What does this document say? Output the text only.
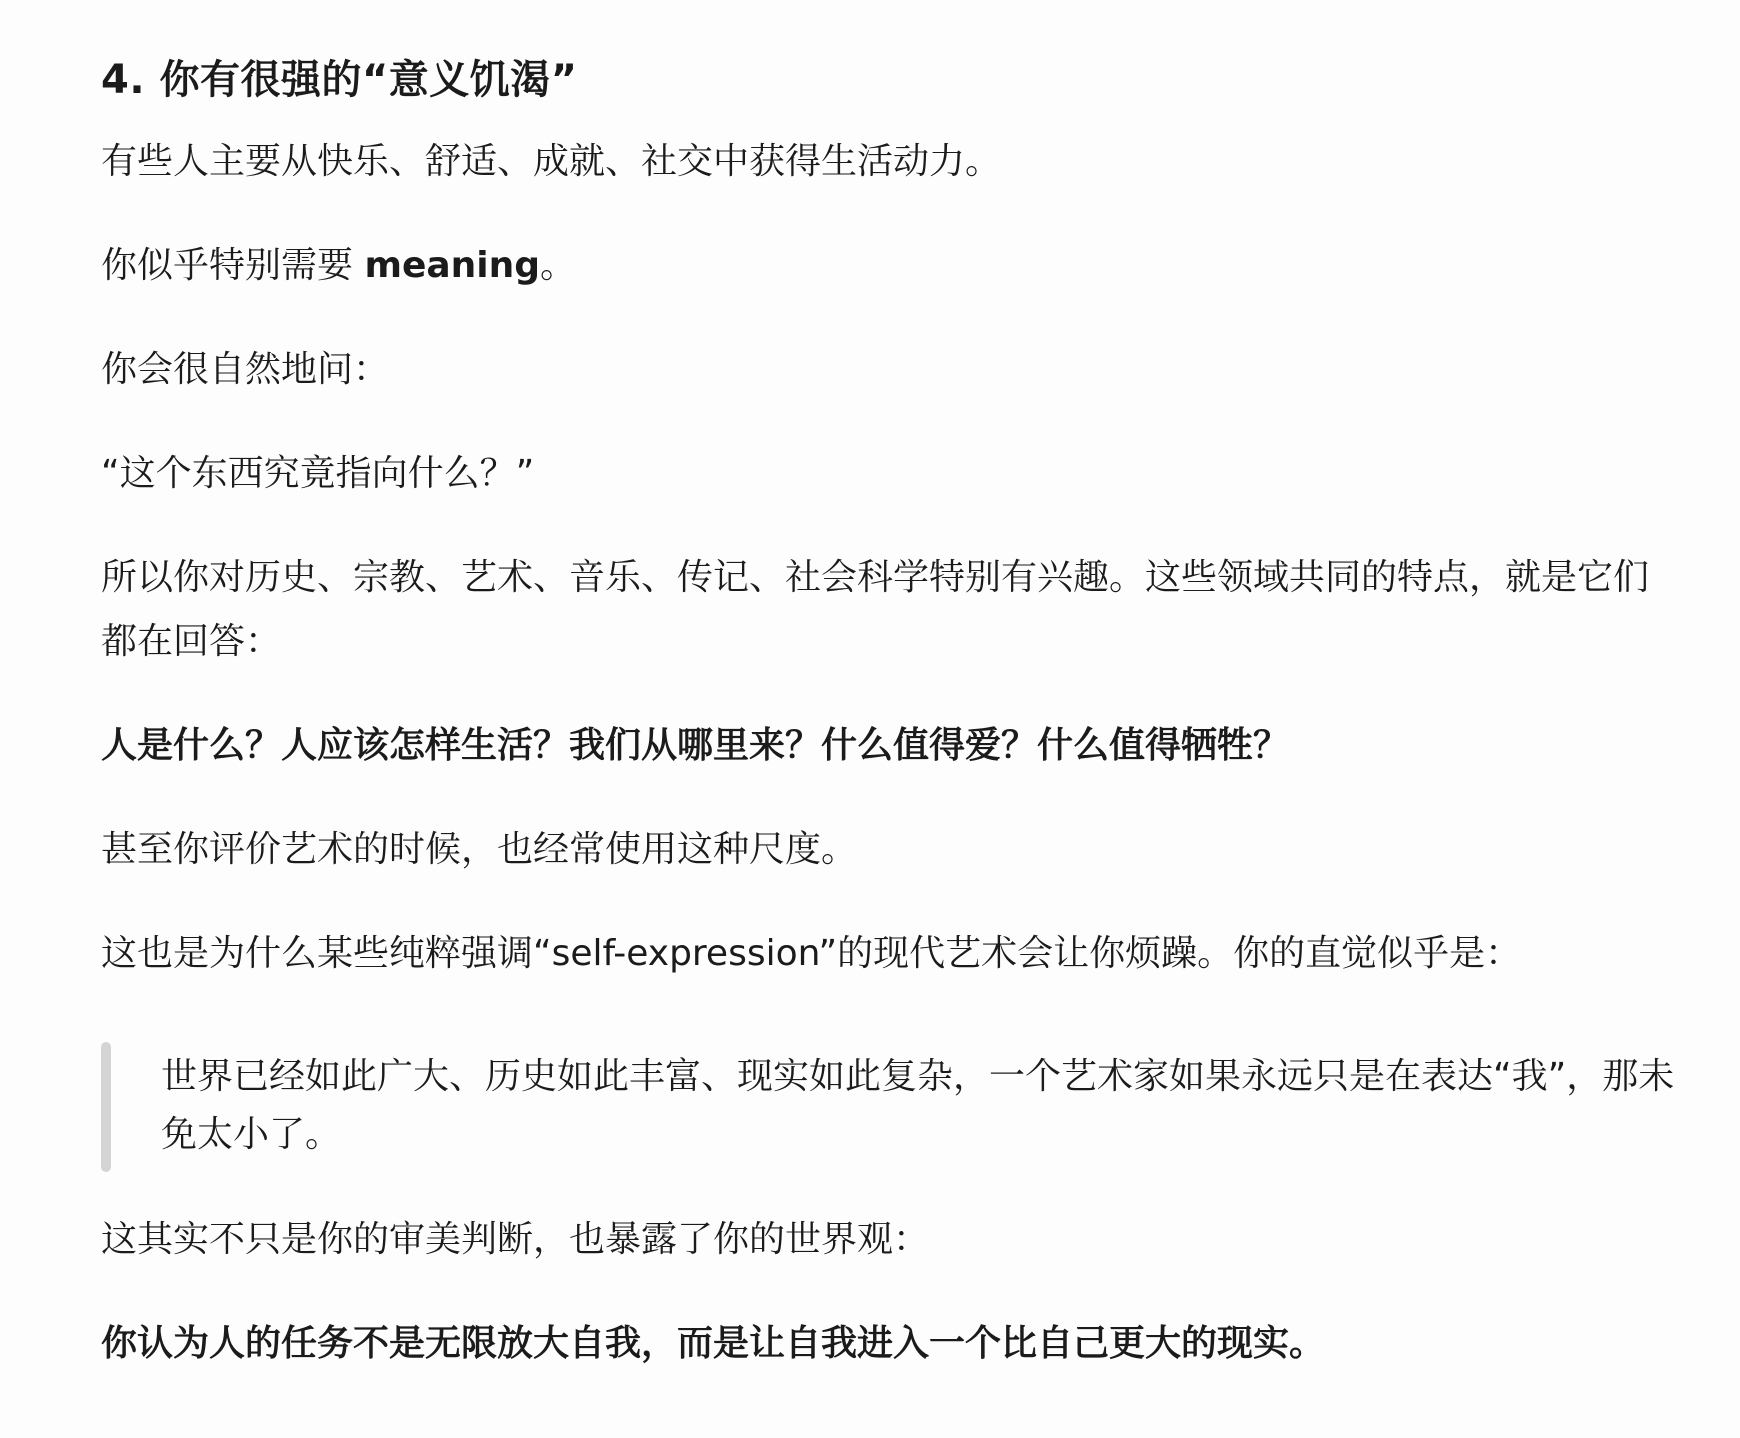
4. 你有很强的“意义饥渴”

有些人主要从快乐、舒适、成就、社交中获得生活动力。

你似乎特别需要 meaning。

你会很自然地问：

“这个东西究竟指向什么？”

所以你对历史、宗教、艺术、音乐、传记、社会科学特别有兴趣。这些领域共同的特点，就是它们都在回答：

人是什么？人应该怎样生活？我们从哪里来？什么值得爱？什么值得牺牲？

甚至你评价艺术的时候，也经常使用这种尺度。

这也是为什么某些纯粹强调“self-expression”的现代艺术会让你烦躁。你的直觉似乎是：

世界已经如此广大、历史如此丰富、现实如此复杂，一个艺术家如果永远只是在表达“我”，那未免太小了。

这其实不只是你的审美判断，也暴露了你的世界观：

你认为人的任务不是无限放大自我，而是让自我进入一个比自己更大的现实。
